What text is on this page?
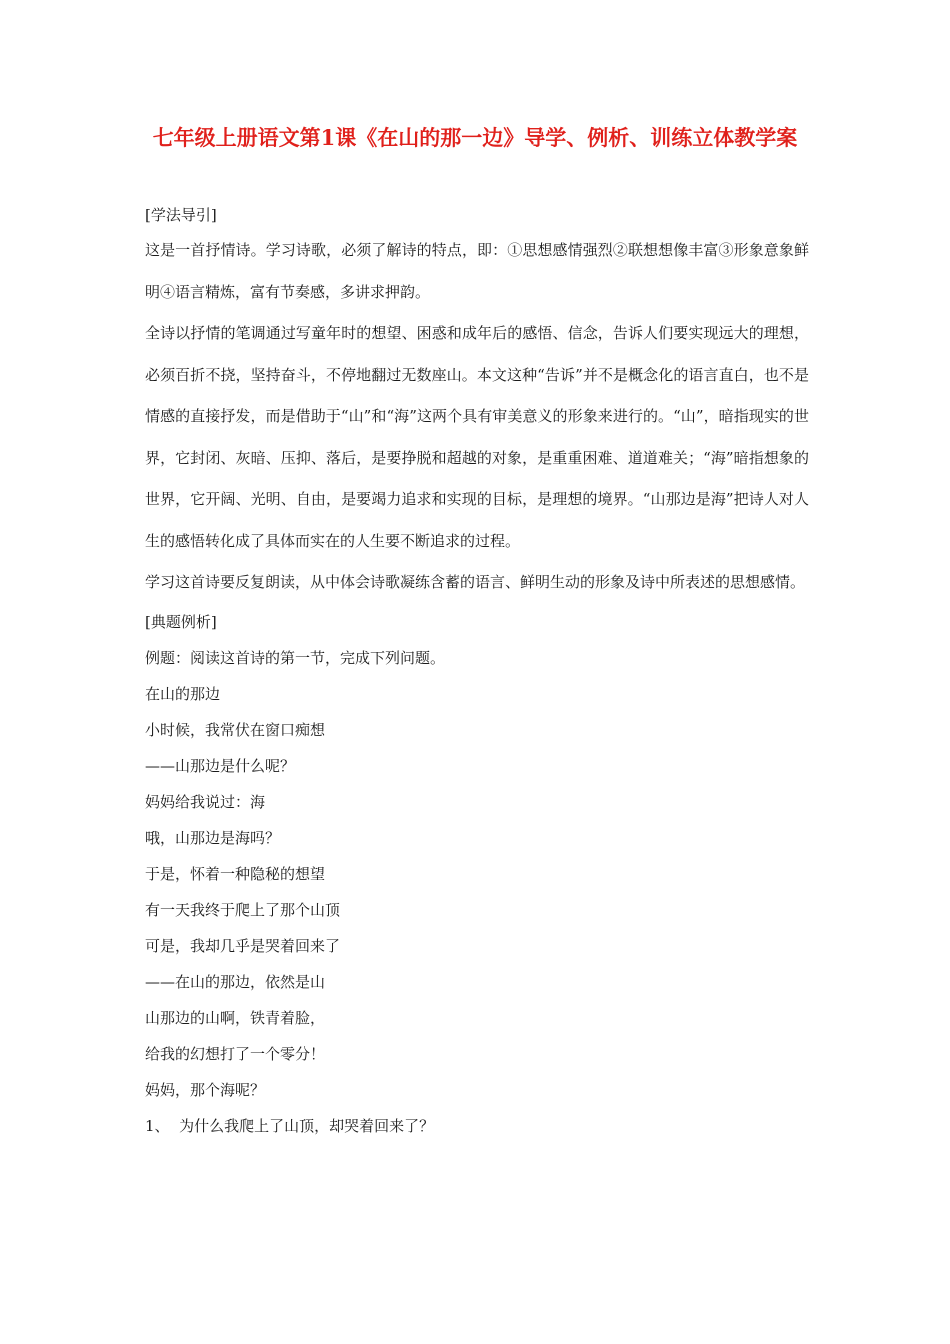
七年级上册语文第1课《在山的那一边》导学、例析、训练立体教学案
[学法导引]

这是一首抒情诗。学习诗歌，必须了解诗的特点，即：①思想感情强烈②联想想像丰富③形象意象鲜明④语言精炼，富有节奏感，多讲求押韵。

全诗以抒情的笔调通过写童年时的想望、困惑和成年后的感悟、信念，告诉人们要实现远大的理想，必须百折不挠，坚持奋斗，不停地翻过无数座山。本文这种“告诉”并不是概念化的语言直白，也不是情感的直接抒发，而是借助于“山”和“海”这两个具有审美意义的形象来进行的。“山”，暗指现实的世界，它封闭、灰暗、压抑、落后，是要挣脱和超越的对象，是重重困难、道道难关；“海”暗指想象的世界，它开阔、光明、自由，是要竭力追求和实现的目标，是理想的境界。“山那边是海”把诗人对人生的感悟转化成了具体而实在的人生要不断追求的过程。

学习这首诗要反复朗读，从中体会诗歌凝练含蓄的语言、鲜明生动的形象及诗中所表述的思想感情。

[典题例析]
例题：阅读这首诗的第一节，完成下列问题。
在山的那边
小时候，我常伏在窗口痴想
——山那边是什么呢？
妈妈给我说过：海
哦，山那边是海吗？
于是，怀着一种隐秘的想望
有一天我终于爬上了那个山顶
可是，我却几乎是哭着回来了
——在山的那边，依然是山
山那边的山啊，铁青着脸，
给我的幻想打了一个零分！
妈妈，那个海呢？
1、  为什么我爬上了山顶，却哭着回来了？
